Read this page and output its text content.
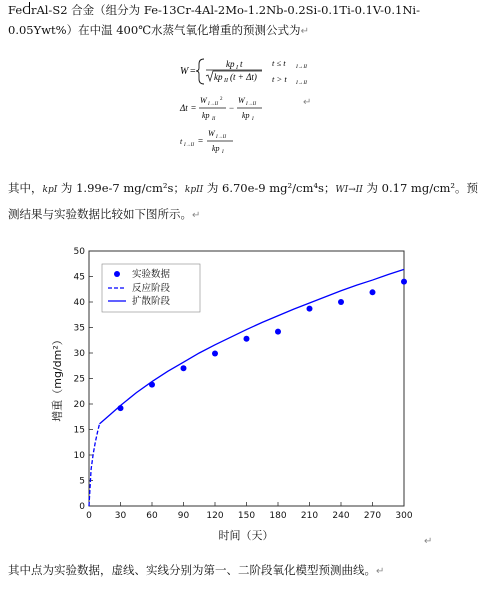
FeCrAl-S2 合金（组分为 Fe-13Cr-4Al-2Mo-1.2Nb-0.2Si-0.1Ti-0.1V-0.1Ni-
0.05Ywt%）在中温 400℃水蒸气氧化增重的预测公式为↵
W =
kp I t
kp II (t + Δt)
t ≤ t I→II
t > t I→II
Δt =
W I→II
2
kp II
−
W I→II
kp I
t I→II =
W I→II
kp I
↵
其中，kpI 为 1.99e-7 mg/cm²s；kpII 为 6.70e-9 mg²/cm⁴s；WI→II 为 0.17 mg/cm²。预
测结果与实验数据比较如下图所示。↵
0	30 60 90 120 150 180 210 240 270 300
0
5
10
15
20
25
30
35
40
45
50
实验数据
反应阶段
扩散阶段
时间（天）
增重（mg/dm²）
↵
其中点为实验数据，虚线、实线分别为第一、二阶段氧化模型预测曲线。↵
